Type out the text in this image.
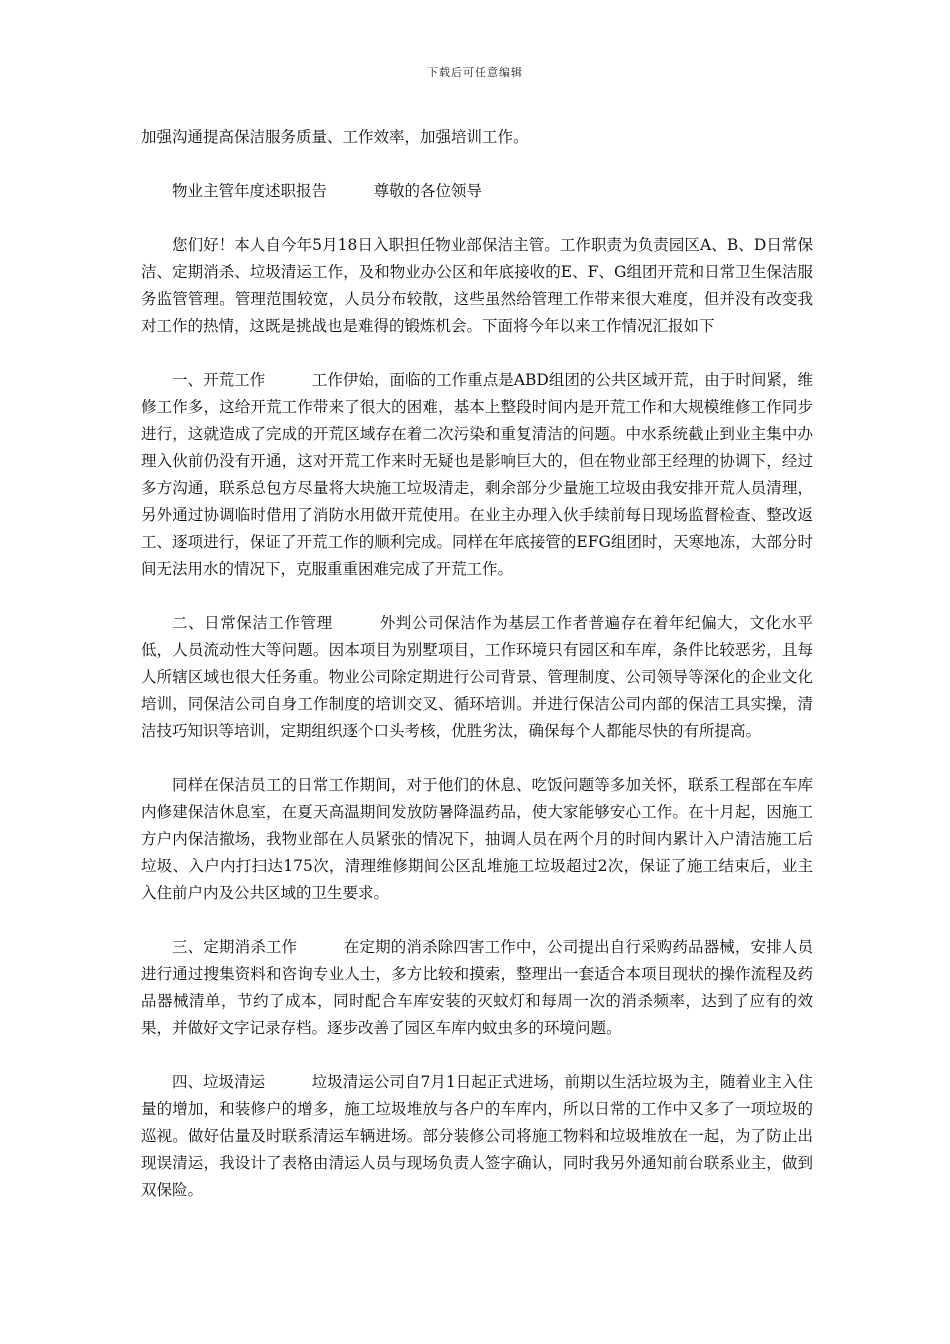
下载后可任意编辑

加强沟通提高保洁服务质量、工作效率，加强培训工作。

物业主管年度述职报告	尊敬的各位领导

您们好！本人自今年5月18日入职担任物业部保洁主管。工作职责为负责园区A、B、D日常保洁、定期消杀、垃圾清运工作，及和物业办公区和年底接收的E、F、G组团开荒和日常卫生保洁服务监管管理。管理范围较宽，人员分布较散，这些虽然给管理工作带来很大难度，但并没有改变我对工作的热情，这既是挑战也是难得的锻炼机会。下面将今年以来工作情况汇报如下

一、开荒工作	工作伊始，面临的工作重点是ABD组团的公共区域开荒，由于时间紧，维修工作多，这给开荒工作带来了很大的困难，基本上整段时间内是开荒工作和大规模维修工作同步进行，这就造成了完成的开荒区域存在着二次污染和重复清洁的问题。中水系统截止到业主集中办理入伙前仍没有开通，这对开荒工作来时无疑也是影响巨大的，但在物业部王经理的协调下，经过多方沟通，联系总包方尽量将大块施工垃圾清走，剩余部分少量施工垃圾由我安排开荒人员清理，另外通过协调临时借用了消防水用做开荒使用。在业主办理入伙手续前每日现场监督检查、整改返工、逐项进行，保证了开荒工作的顺利完成。同样在年底接管的EFG组团时，天寒地冻，大部分时间无法用水的情况下，克服重重困难完成了开荒工作。

二、日常保洁工作管理	外判公司保洁作为基层工作者普遍存在着年纪偏大，文化水平低，人员流动性大等问题。因本项目为别墅项目，工作环境只有园区和车库，条件比较恶劣，且每人所辖区域也很大任务重。物业公司除定期进行公司背景、管理制度、公司领导等深化的企业文化培训，同保洁公司自身工作制度的培训交叉、循环培训。并进行保洁公司内部的保洁工具实操，清洁技巧知识等培训，定期组织逐个口头考核，优胜劣汰，确保每个人都能尽快的有所提高。

同样在保洁员工的日常工作期间，对于他们的休息、吃饭问题等多加关怀，联系工程部在车库内修建保洁休息室，在夏天高温期间发放防暑降温药品，使大家能够安心工作。在十月起，因施工方户内保洁撤场，我物业部在人员紧张的情况下，抽调人员在两个月的时间内累计入户清洁施工后垃圾、入户内打扫达175次，清理维修期间公区乱堆施工垃圾超过2次，保证了施工结束后，业主入住前户内及公共区域的卫生要求。

三、定期消杀工作	在定期的消杀除四害工作中，公司提出自行采购药品器械，安排人员进行通过搜集资料和咨询专业人士，多方比较和摸索，整理出一套适合本项目现状的操作流程及药品器械清单，节约了成本，同时配合车库安装的灭蚊灯和每周一次的消杀频率，达到了应有的效果，并做好文字记录存档。逐步改善了园区车库内蚊虫多的环境问题。

四、垃圾清运	垃圾清运公司自7月1日起正式进场，前期以生活垃圾为主，随着业主入住量的增加，和装修户的增多，施工垃圾堆放与各户的车库内，所以日常的工作中又多了一项垃圾的巡视。做好估量及时联系清运车辆进场。部分装修公司将施工物料和垃圾堆放在一起，为了防止出现误清运，我设计了表格由清运人员与现场负责人签字确认，同时我另外通知前台联系业主，做到双保险。
